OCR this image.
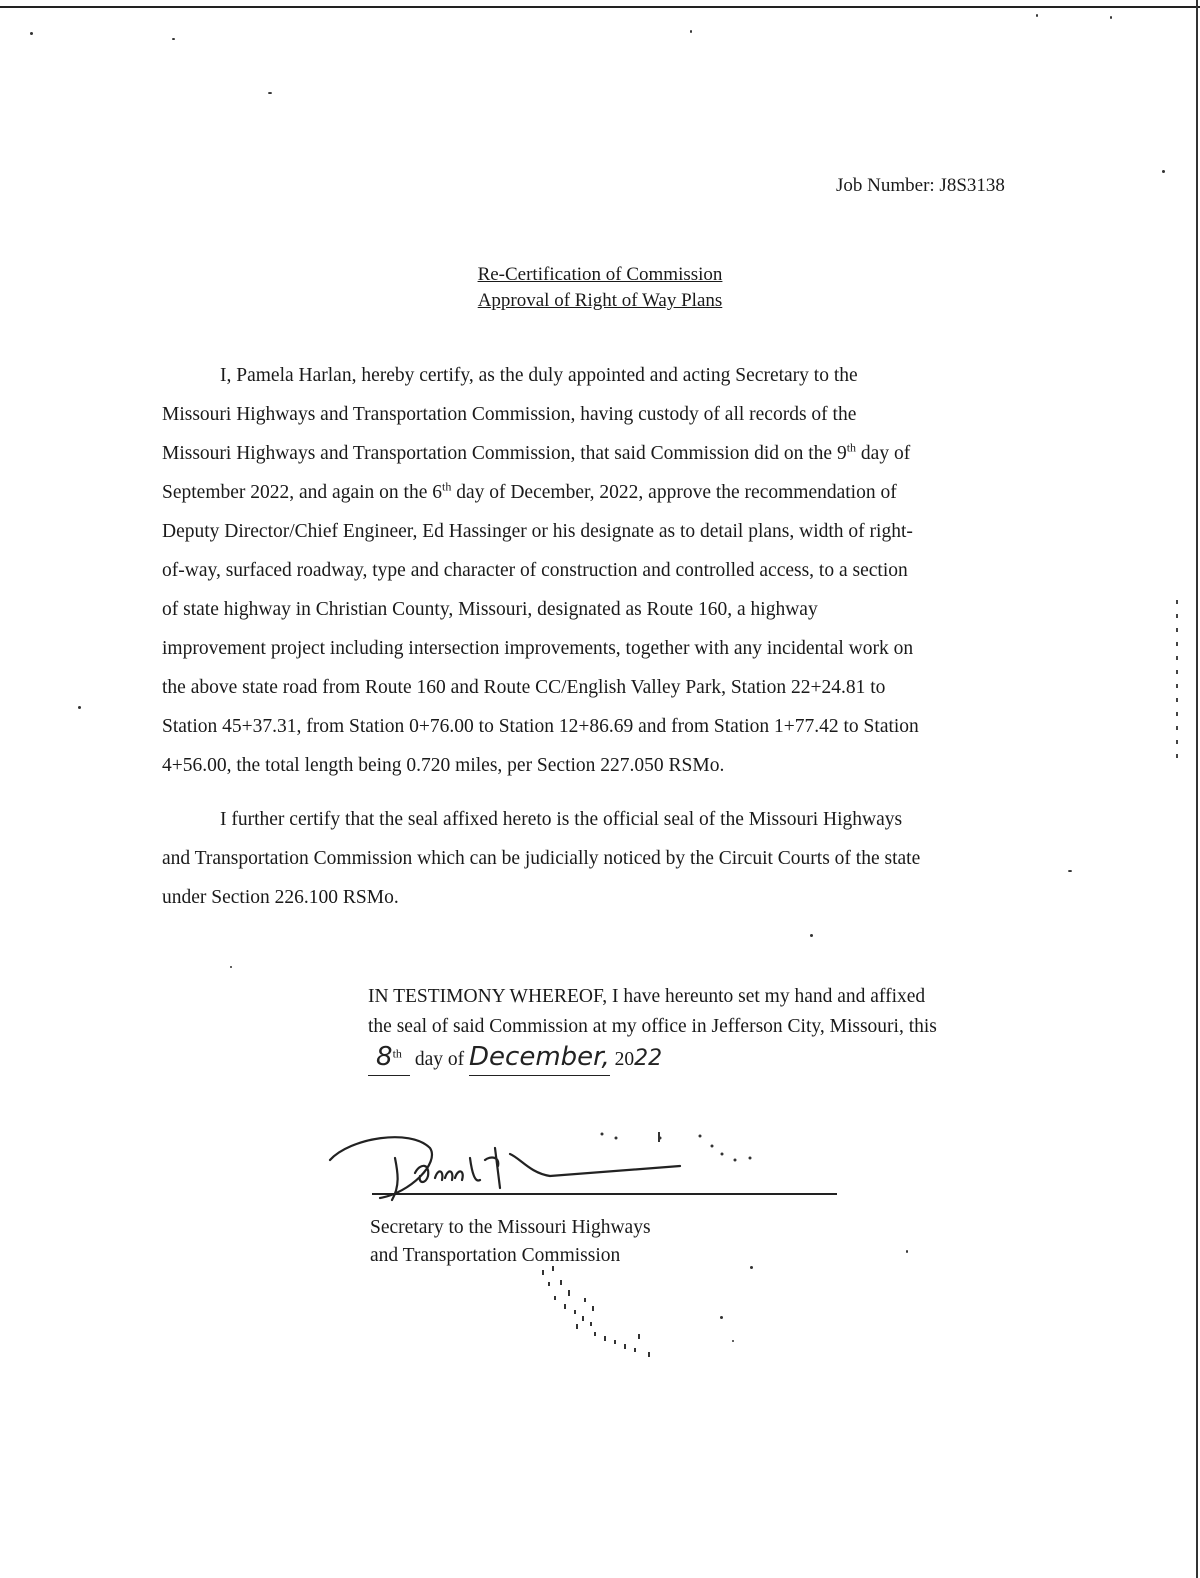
Job Number: J8S3138
Re-Certification of Commission
Approval of Right of Way Plans
I, Pamela Harlan, hereby certify, as the duly appointed and acting Secretary to the
Missouri Highways and Transportation Commission, having custody of all records of the
Missouri Highways and Transportation Commission, that said Commission did on the 9th day of
September 2022, and again on the 6th day of December, 2022, approve the recommendation of
Deputy Director/Chief Engineer, Ed Hassinger or his designate as to detail plans, width of right-
of-way, surfaced roadway, type and character of construction and controlled access, to a section
of state highway in Christian County, Missouri, designated as Route 160, a highway
improvement project including intersection improvements, together with any incidental work on
the above state road from Route 160 and Route CC/English Valley Park, Station 22+24.81 to
Station 45+37.31, from Station 0+76.00 to Station 12+86.69 and from Station 1+77.42 to Station
4+56.00, the total length being 0.720 miles, per Section 227.050 RSMo.
I further certify that the seal affixed hereto is the official seal of the Missouri Highways
and Transportation Commission which can be judicially noticed by the Circuit Courts of the state
under Section 226.100 RSMo.
IN TESTIMONY WHEREOF, I have hereunto set my hand and affixed
the seal of said Commission at my office in Jefferson City, Missouri, this
8th day of December, 2022
Secretary to the Missouri Highways
and Transportation Commission
